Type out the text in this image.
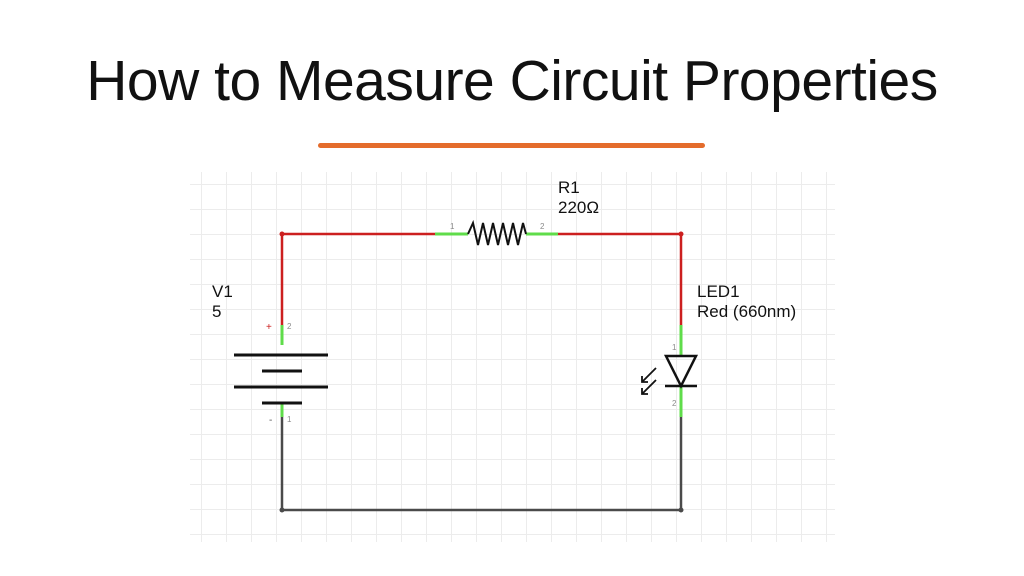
How to Measure Circuit Properties
1	2
+
-
2
1
1
2
R1
220Ω
V1
5
LED1
Red (660nm)
